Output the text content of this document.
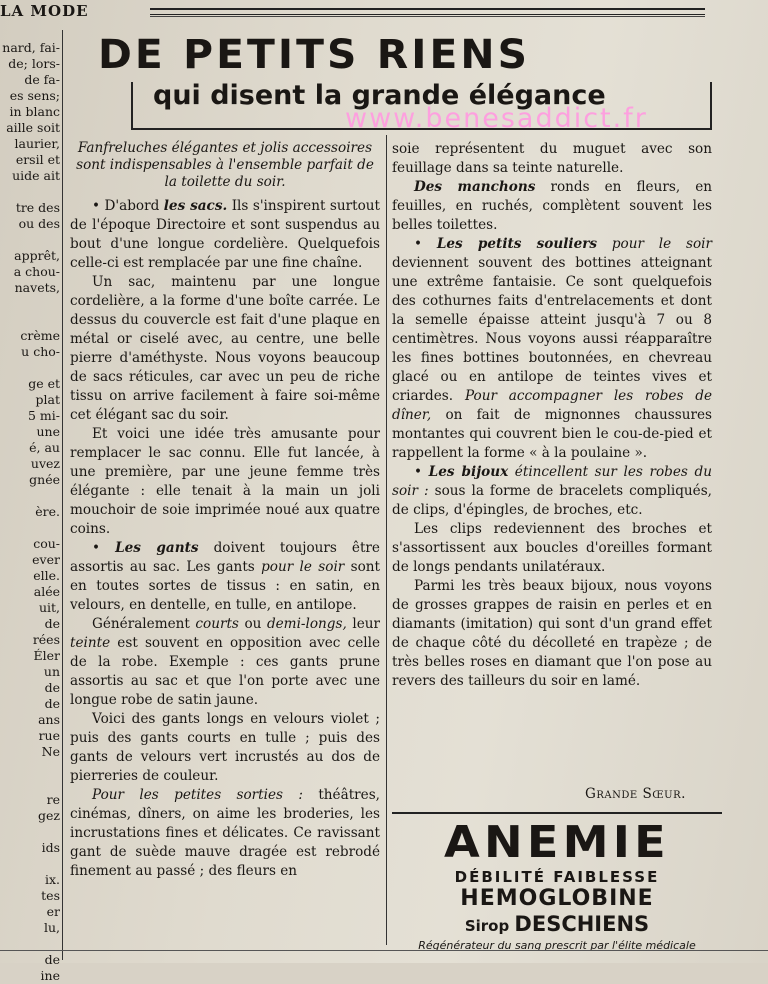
LA MODE
nard, fai-
de; lors-
de fa-
es sens;
in blanc
aille soit
laurier,
ersil et
uide ait

tre des
ou des

apprêt,
a chou-
navets,

crème
u cho-

ge et
plat
5 mi-
une
é, au
uvez
gnée

ère.

cou-
ever
elle.
alée
uit,
de
rées
Éler
un
de
de
ans
rue
Ne

re
gez

ids

ix.
tes
er
lu,

de
ine
DE PETITS RIENS
qui disent la grande élégance
www.benesaddict.fr

Fanfreluches élégantes et jolis accessoires sont indispensables à l'ensemble parfait de la toilette du soir.

• D'abord les sacs. Ils s'inspirent surtout de l'époque Directoire et sont suspendus au bout d'une longue cordelière. Quelquefois celle-ci est remplacée par une fine chaîne.

Un sac, maintenu par une longue cordelière, a la forme d'une boîte carrée. Le dessus du couvercle est fait d'une plaque en métal or ciselé avec, au centre, une belle pierre d'améthyste. Nous voyons beaucoup de sacs réticules, car avec un peu de riche tissu on arrive facilement à faire soi-même cet élégant sac du soir.

Et voici une idée très amusante pour remplacer le sac connu. Elle fut lancée, à une première, par une jeune femme très élégante : elle tenait à la main un joli mouchoir de soie imprimée noué aux quatre coins.

• Les gants doivent toujours être assortis au sac. Les gants pour le soir sont en toutes sortes de tissus : en satin, en velours, en dentelle, en tulle, en antilope.

Généralement courts ou demi-longs, leur teinte est souvent en opposition avec celle de la robe. Exemple : ces gants prune assortis au sac et que l'on porte avec une longue robe de satin jaune.

Voici des gants longs en velours violet ; puis des gants courts en tulle ; puis des gants de velours vert incrustés au dos de pierreries de couleur.

Pour les petites sorties : théâtres, cinémas, dîners, on aime les broderies, les incrustations fines et délicates. Ce ravissant gant de suède mauve dragée est rebrodé finement au passé ; des fleurs en

soie représentent du muguet avec son feuillage dans sa teinte naturelle.

Des manchons ronds en fleurs, en feuilles, en ruchés, complètent souvent les belles toilettes.

• Les petits souliers pour le soir deviennent souvent des bottines atteignant une extrême fantaisie. Ce sont quelquefois des cothurnes faits d'entrelacements et dont la semelle épaisse atteint jusqu'à 7 ou 8 centimètres. Nous voyons aussi réapparaître les fines bottines boutonnées, en chevreau glacé ou en antilope de teintes vives et criardes. Pour accompagner les robes de dîner, on fait de mignonnes chaussures montantes qui couvrent bien le cou-de-pied et rappellent la forme « à la poulaine ».

• Les bijoux étincellent sur les robes du soir : sous la forme de bracelets compliqués, de clips, d'épingles, de broches, etc.

Les clips redeviennent des broches et s'assortissent aux boucles d'oreilles formant de longs pendants unilatéraux.

Parmi les très beaux bijoux, nous voyons de grosses grappes de raisin en perles et en diamants (imitation) qui sont d'un grand effet de chaque côté du décolleté en trapèze ; de très belles roses en diamant que l'on pose au revers des tailleurs du soir en lamé.

Grande Sœur.
ANEMIE
DÉBILITÉ FAIBLESSE
HEMOGLOBINE
Sirop DESCHIENS
Régénérateur du sang prescrit par l'élite médicale
